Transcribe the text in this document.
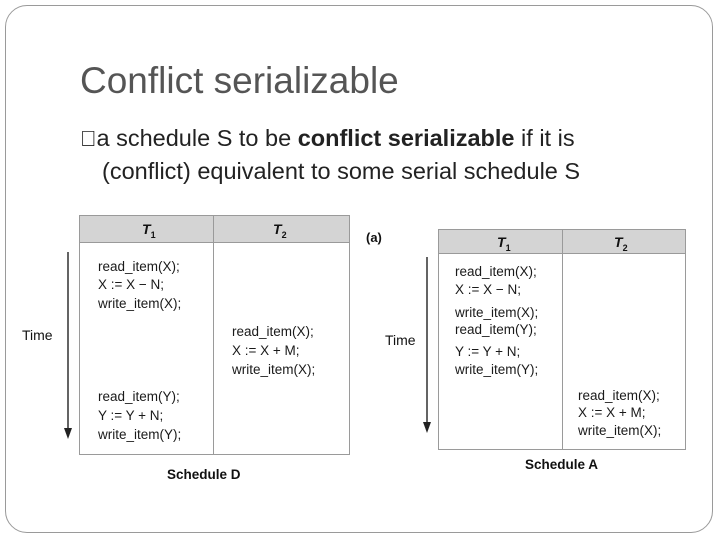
Conflict serializable
a schedule S to be conflict serializable if it is
(conflict) equivalent to some serial schedule S
Time
$T_1$	$T_2$
read_item(X);
X := X − N;
write_item(X);
read_item(X);
X := X + M;
write_item(X);
read_item(Y);
Y := Y + N;
write_item(Y);
Schedule D
(a)
Time
$T_1$	$T_2$
read_item(X);
X := X − N;
write_item(X);
read_item(Y);
Y := Y + N;
write_item(Y);
read_item(X);
X := X + M;
write_item(X);
Schedule A
